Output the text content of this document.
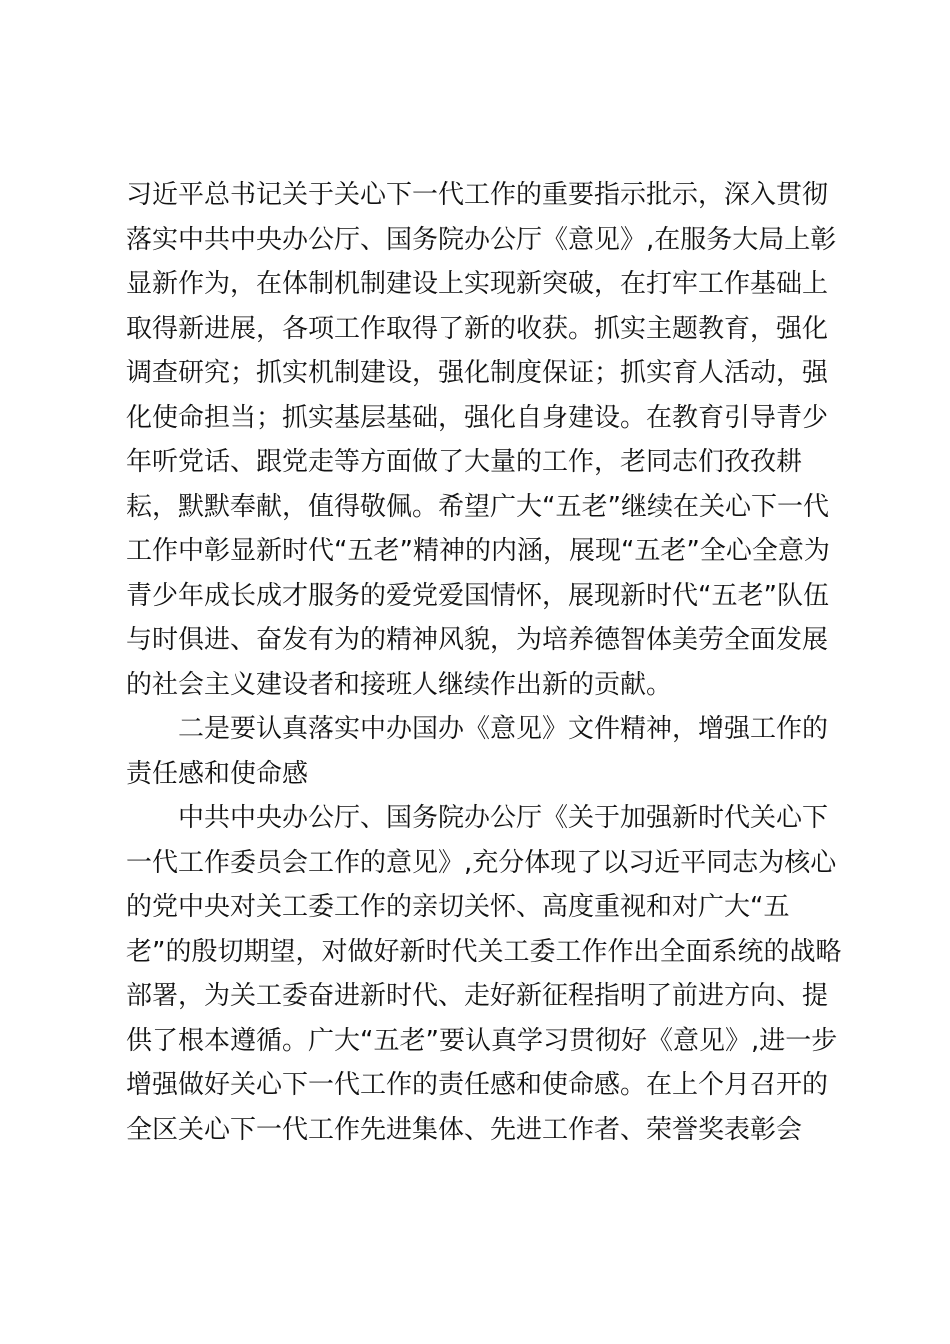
习近平总书记关于关心下一代工作的重要指示批示，深入贯彻
落实中共中央办公厅、国务院办公厅《意见》,在服务大局上彰
显新作为，在体制机制建设上实现新突破，在打牢工作基础上
取得新进展，各项工作取得了新的收获。抓实主题教育，强化
调查研究；抓实机制建设，强化制度保证；抓实育人活动，强
化使命担当；抓实基层基础，强化自身建设。在教育引导青少
年听党话、跟党走等方面做了大量的工作，老同志们孜孜耕
耘，默默奉献，值得敬佩。希望广大“五老”继续在关心下一代
工作中彰显新时代“五老”精神的内涵，展现“五老”全心全意为
青少年成长成才服务的爱党爱国情怀，展现新时代“五老”队伍
与时俱进、奋发有为的精神风貌，为培养德智体美劳全面发展
的社会主义建设者和接班人继续作出新的贡献。
　　二是要认真落实中办国办《意见》文件精神，增强工作的
责任感和使命感
　　中共中央办公厅、国务院办公厅《关于加强新时代关心下
一代工作委员会工作的意见》,充分体现了以习近平同志为核心
的党中央对关工委工作的亲切关怀、高度重视和对广大“五
老”的殷切期望，对做好新时代关工委工作作出全面系统的战略
部署，为关工委奋进新时代、走好新征程指明了前进方向、提
供了根本遵循。广大“五老”要认真学习贯彻好《意见》,进一步
增强做好关心下一代工作的责任感和使命感。在上个月召开的
全区关心下一代工作先进集体、先进工作者、荣誉奖表彰会
